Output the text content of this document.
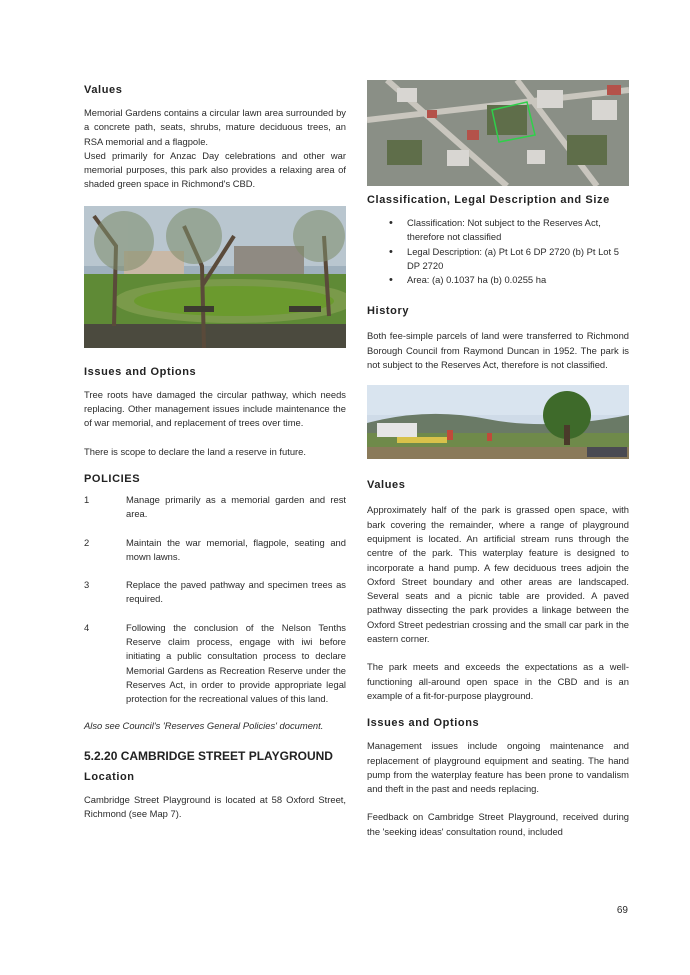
Values

Memorial Gardens contains a circular lawn area surrounded by a concrete path, seats, shrubs, mature deciduous trees, an RSA memorial and a flagpole.

Used primarily for Anzac Day celebrations and other war memorial purposes, this park also provides a relaxing area of shaded green space in Richmond's CBD.

Issues and Options

Tree roots have damaged the circular pathway, which needs replacing. Other management issues include maintenance the of war memorial, and replacement of trees over time.

There is scope to declare the land a reserve in future.

POLICIES
1	Manage primarily as a memorial garden and rest area.
2	Maintain the war memorial, flagpole, seating and mown lawns.
3	Replace the paved pathway and specimen trees as required.
4	Following the conclusion of the Nelson Tenths Reserve claim process, engage with iwi before initiating a public consultation process to declare Memorial Gardens as Recreation Reserve under the Reserves Act, in order to provide appropriate legal protection for the recreational values of this land.
Also see Council's 'Reserves General Policies' document.
5.2.20 CAMBRIDGE STREET PLAYGROUND
Location

Cambridge Street Playground is located at 58 Oxford Street, Richmond (see Map 7).

Classification, Legal Description and Size
• Classification: Not subject to the Reserves Act, therefore not classified
• Legal Description: (a) Pt Lot 6 DP 2720 (b) Pt Lot 5 DP 2720
• Area: (a) 0.1037 ha (b) 0.0255 ha
History

Both fee-simple parcels of land were transferred to Richmond Borough Council from Raymond Duncan in 1952. The park is not subject to the Reserves Act, therefore is not classified.

Values

Approximately half of the park is grassed open space, with bark covering the remainder, where a range of playground equipment is located. An artificial stream runs through the centre of the park. This waterplay feature is designed to incorporate a hand pump. A few deciduous trees adjoin the Oxford Street boundary and other areas are landscaped. Several seats and a picnic table are provided. A paved pathway dissecting the park provides a linkage between the Oxford Street pedestrian crossing and the small car park in the eastern corner.

The park meets and exceeds the expectations as a well-functioning all-around open space in the CBD and is an example of a fit-for-purpose playground.

Issues and Options

Management issues include ongoing maintenance and replacement of playground equipment and seating. The hand pump from the waterplay feature has been prone to vandalism and theft in the past and needs replacing.

Feedback on Cambridge Street Playground, received during the 'seeking ideas' consultation round, included

69
